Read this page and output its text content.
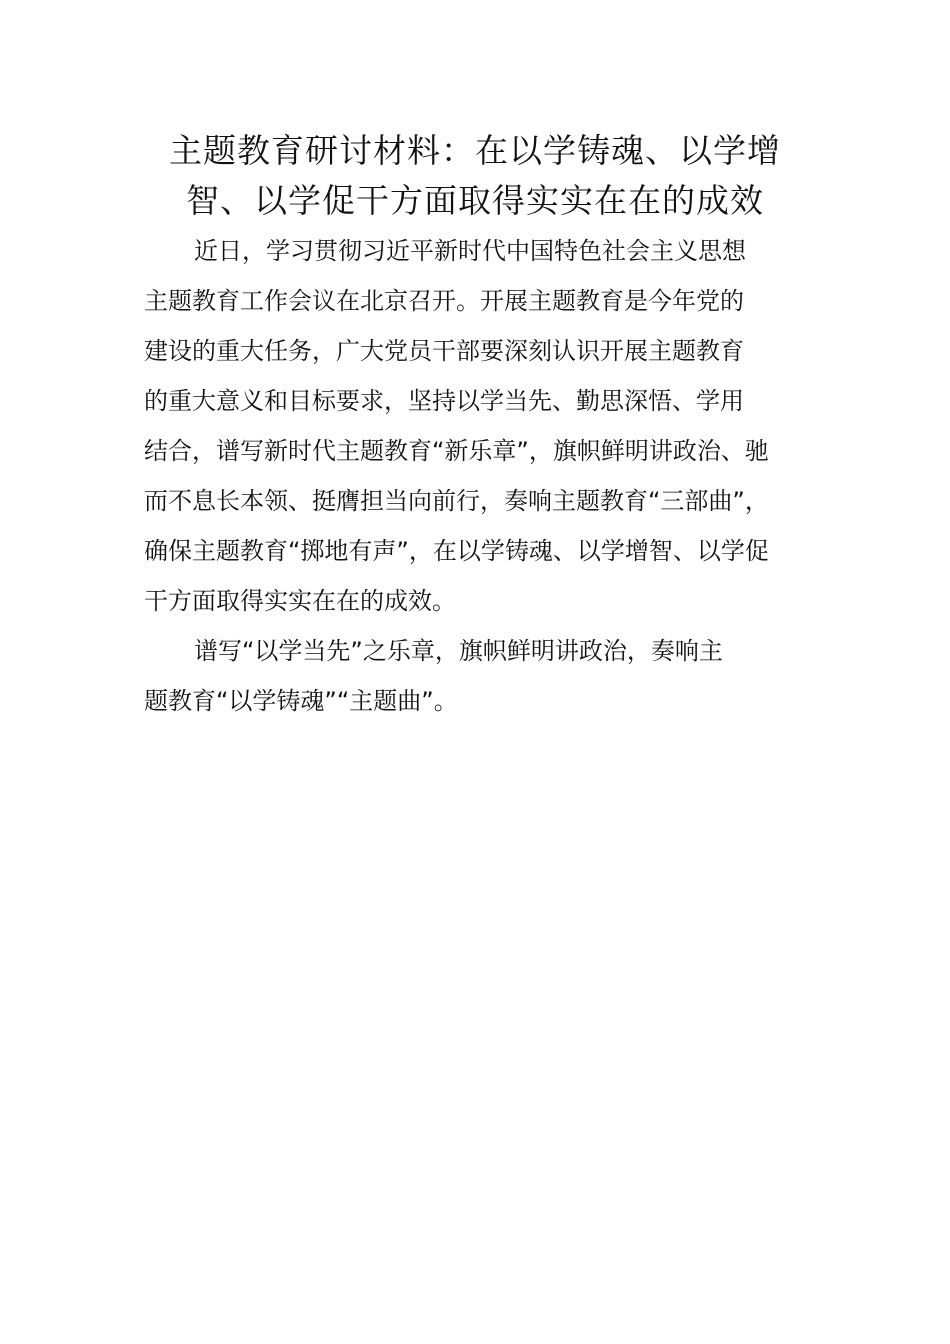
主题教育研讨材料：在以学铸魂、以学增
智、以学促干方面取得实实在在的成效

近日，学习贯彻习近平新时代中国特色社会主义思想
主题教育工作会议在北京召开。开展主题教育是今年党的
建设的重大任务，广大党员干部要深刻认识开展主题教育
的重大意义和目标要求，坚持以学当先、勤思深悟、学用
结合，谱写新时代主题教育“新乐章”，旗帜鲜明讲政治、驰
而不息长本领、挺膺担当向前行，奏响主题教育“三部曲”，
确保主题教育“掷地有声”，在以学铸魂、以学增智、以学促
干方面取得实实在在的成效。

谱写“以学当先”之乐章，旗帜鲜明讲政治，奏响主
题教育“以学铸魂”“主题曲”。
